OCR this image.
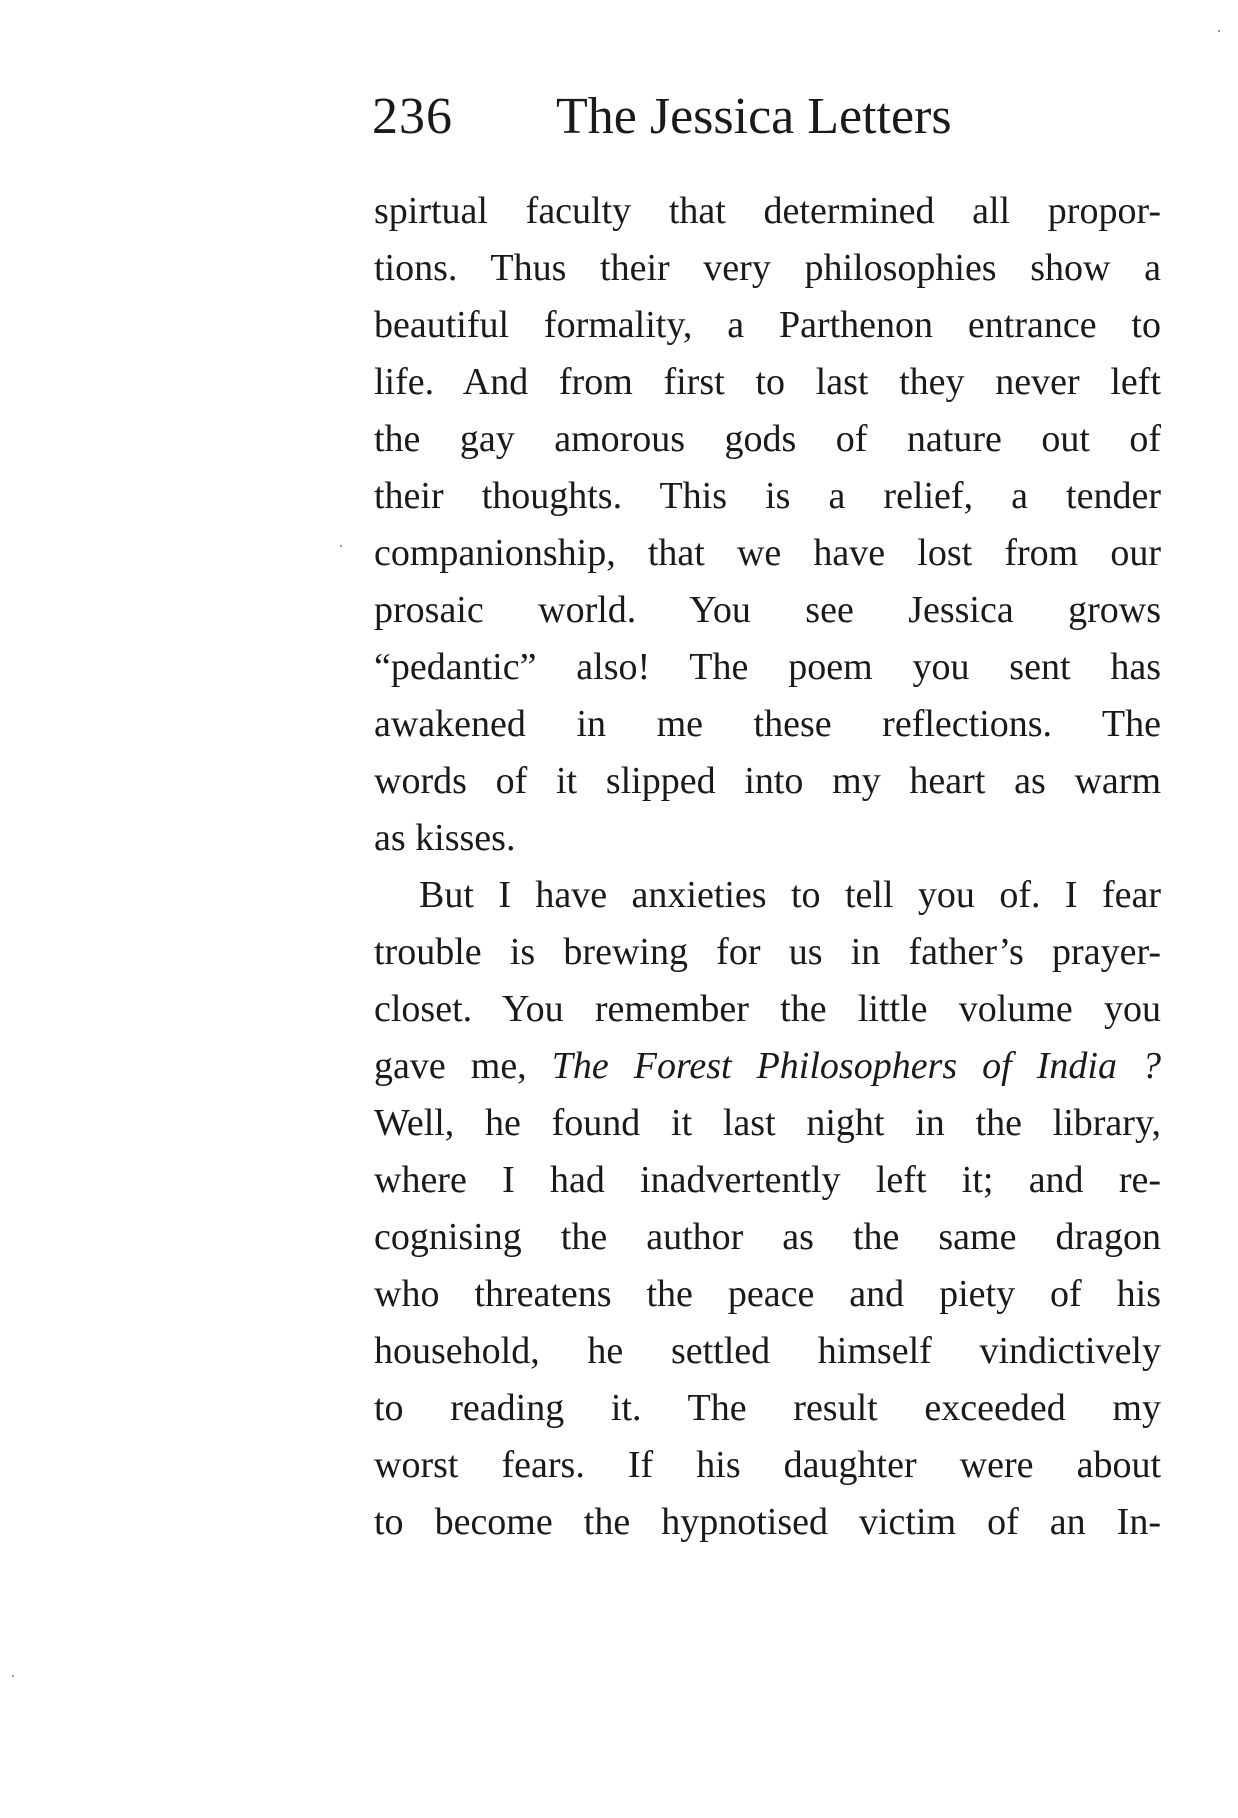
236 The Jessica Letters
spirtual faculty that determined all propor-
tions. Thus their very philosophies show a
beautiful formality, a Parthenon entrance to
life. And from first to last they never left
the gay amorous gods of nature out of
their thoughts. This is a relief, a tender
companionship, that we have lost from our
prosaic world. You see Jessica grows
“pedantic” also! The poem you sent has
awakened in me these reflections. The
words of it slipped into my heart as warm
as kisses.
But I have anxieties to tell you of. I fear
trouble is brewing for us in father’s prayer-
closet. You remember the little volume you
gave me, The Forest Philosophers of India ?
Well, he found it last night in the library,
where I had inadvertently left it; and re-
cognising the author as the same dragon
who threatens the peace and piety of his
household, he settled himself vindictively
to reading it. The result exceeded my
worst fears. If his daughter were about
to become the hypnotised victim of an In-
